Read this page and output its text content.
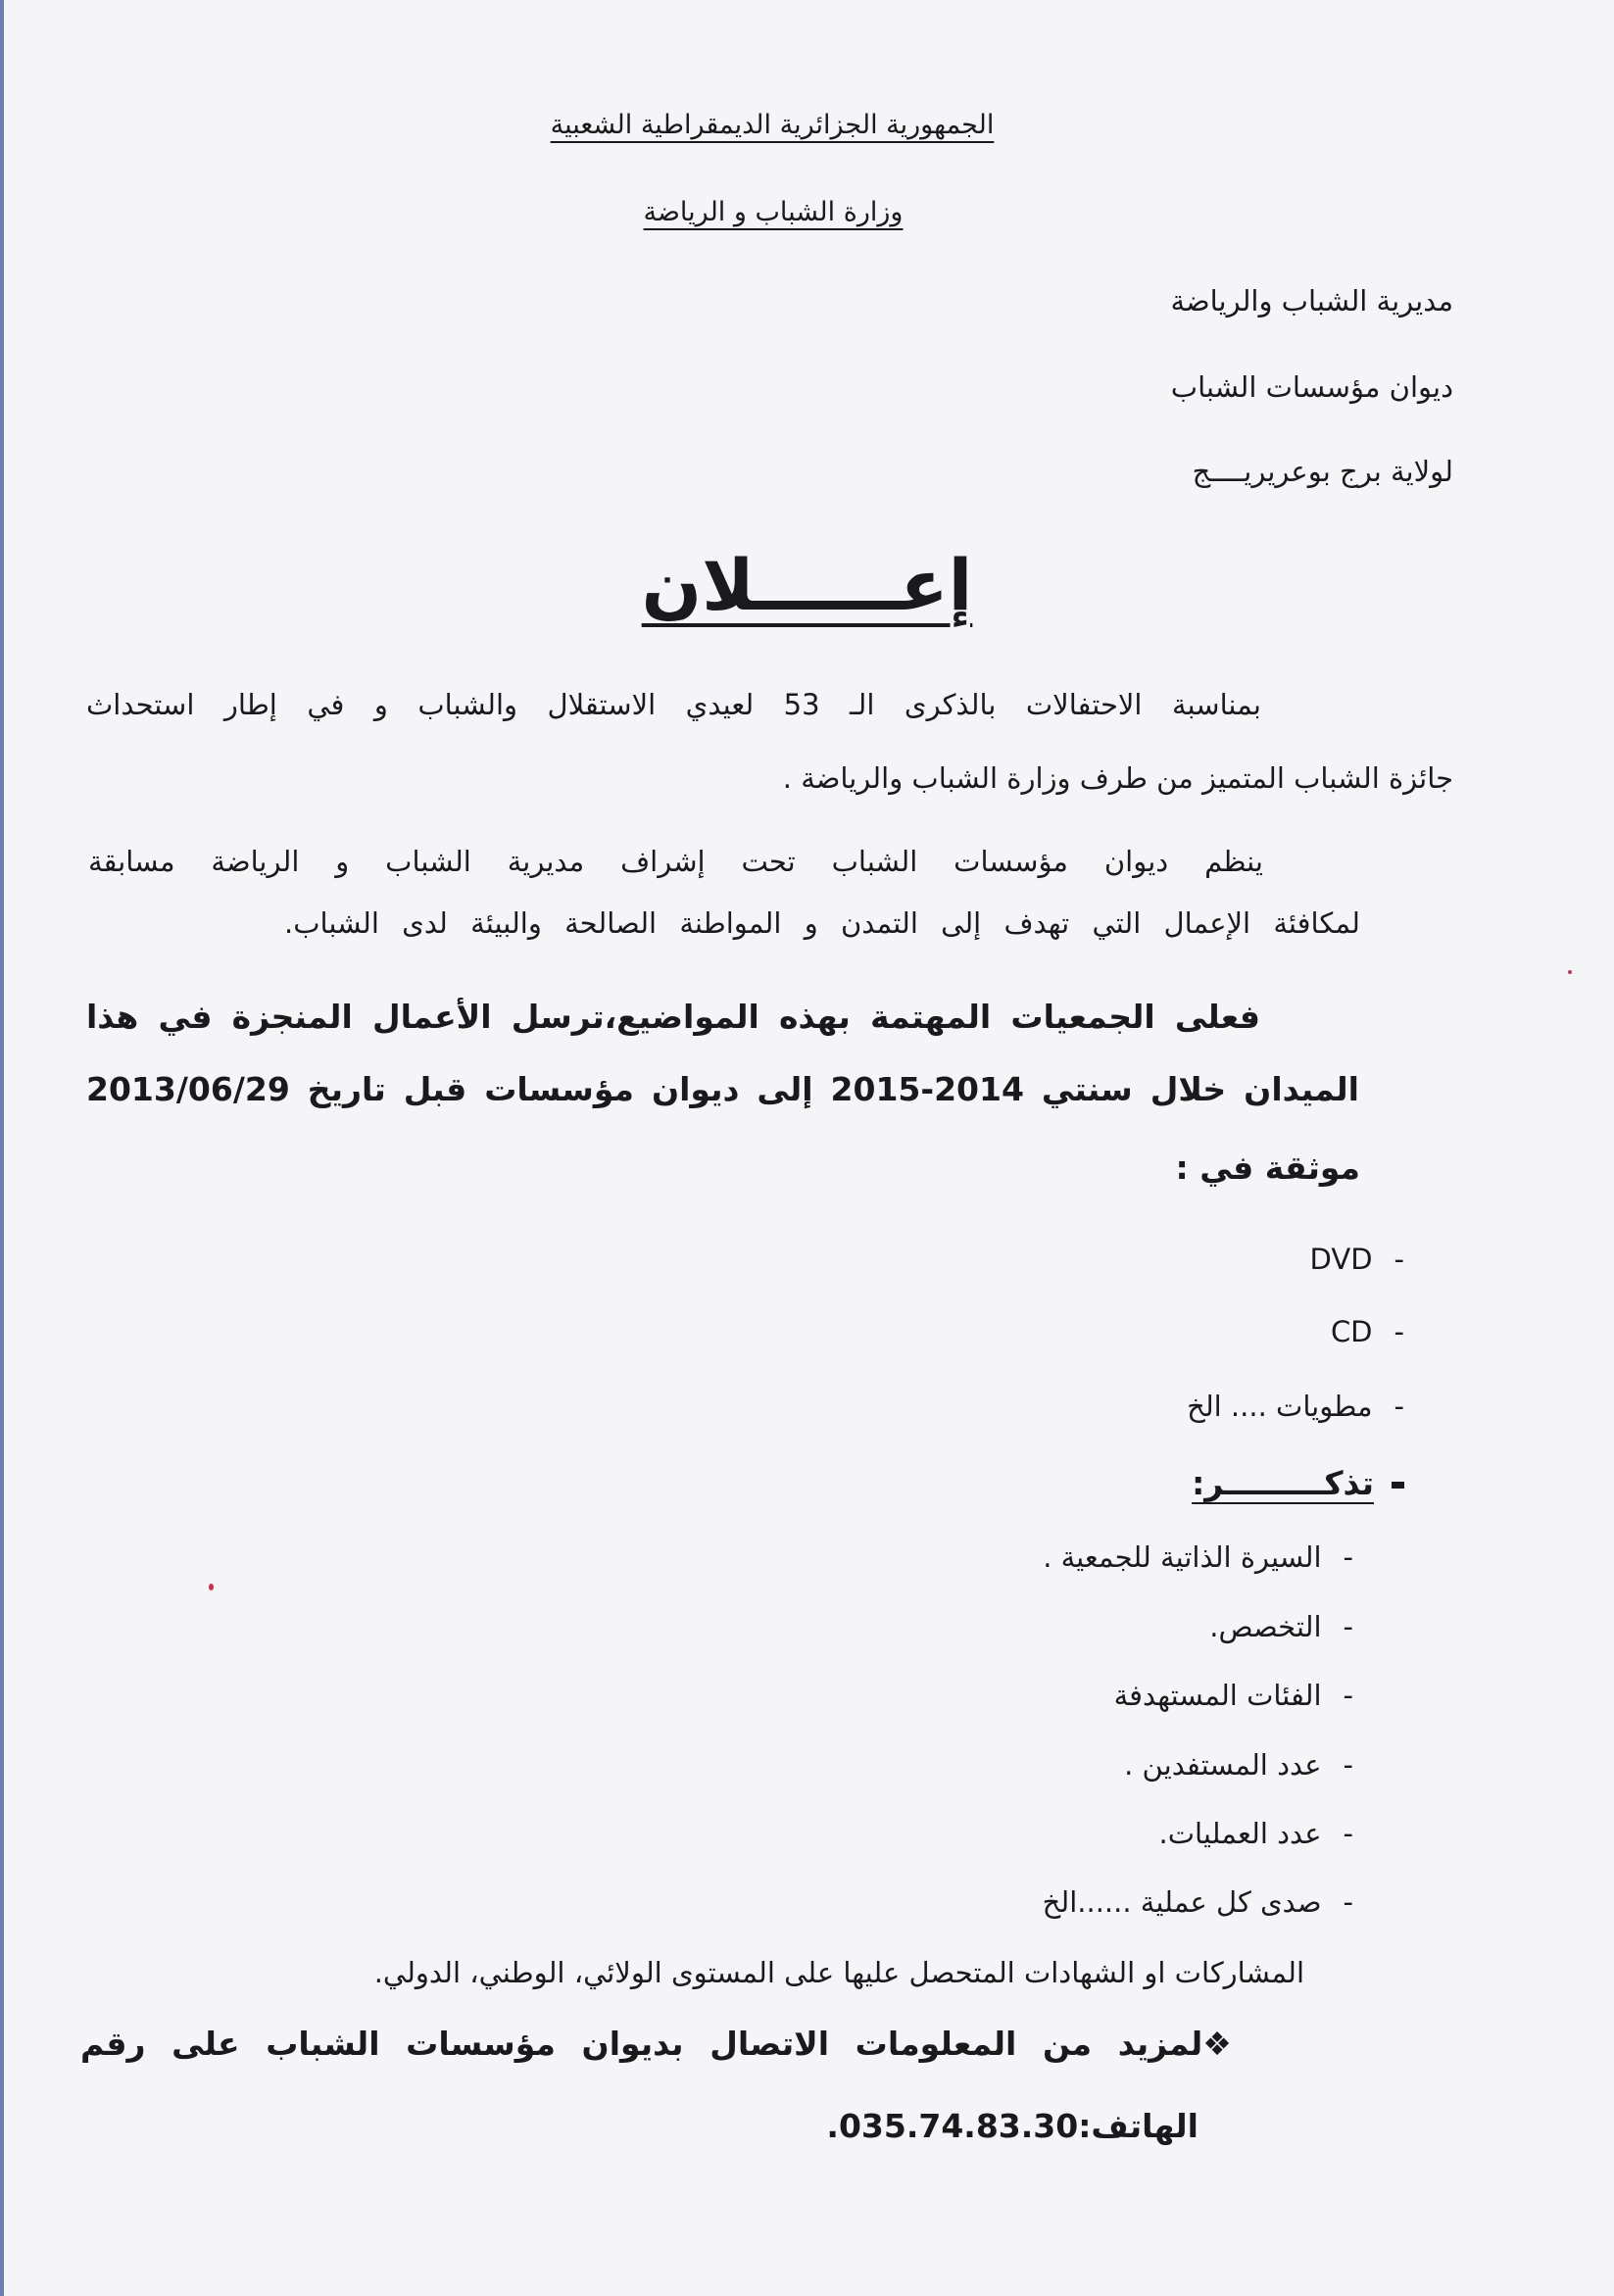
الجمهورية الجزائرية الديمقراطية الشعبية
وزارة الشباب و الرياضة
مديرية الشباب والرياضة
ديوان مؤسسات الشباب
لولاية برج بوعريريــــج
إعــــــلان
بمناسبة الاحتفالات بالذكرى الـ 53 لعيدي الاستقلال والشباب و في إطار استحداث
جائزة الشباب المتميز من طرف وزارة الشباب والرياضة .
ينظم ديوان مؤسسات الشباب تحت إشراف مديرية الشباب و الرياضة مسابقة
لمكافئة الإعمال التي تهدف إلى التمدن و المواطنة الصالحة والبيئة لدى الشباب.
فعلى الجمعيات المهتمة بهذه المواضيع،ترسل الأعمال المنجزة في هذا
الميدان خلال سنتي 2014-2015 إلى ديوان مؤسسات قبل تاريخ 2013/06/29
موثقة في :
-DVD
-CD
-مطويات .... الخ
تذكـــــــــر:
-السيرة الذاتية للجمعية .
-التخصص.
-الفئات المستهدفة
-عدد المستفدين .
-عدد العمليات.
-صدى كل عملية ......الخ
المشاركات او الشهادات المتحصل عليها على المستوى الولائي، الوطني، الدولي.
❖لمزيد من المعلومات الاتصال بديوان مؤسسات الشباب على رقم
الهاتف:035.74.83.30.
